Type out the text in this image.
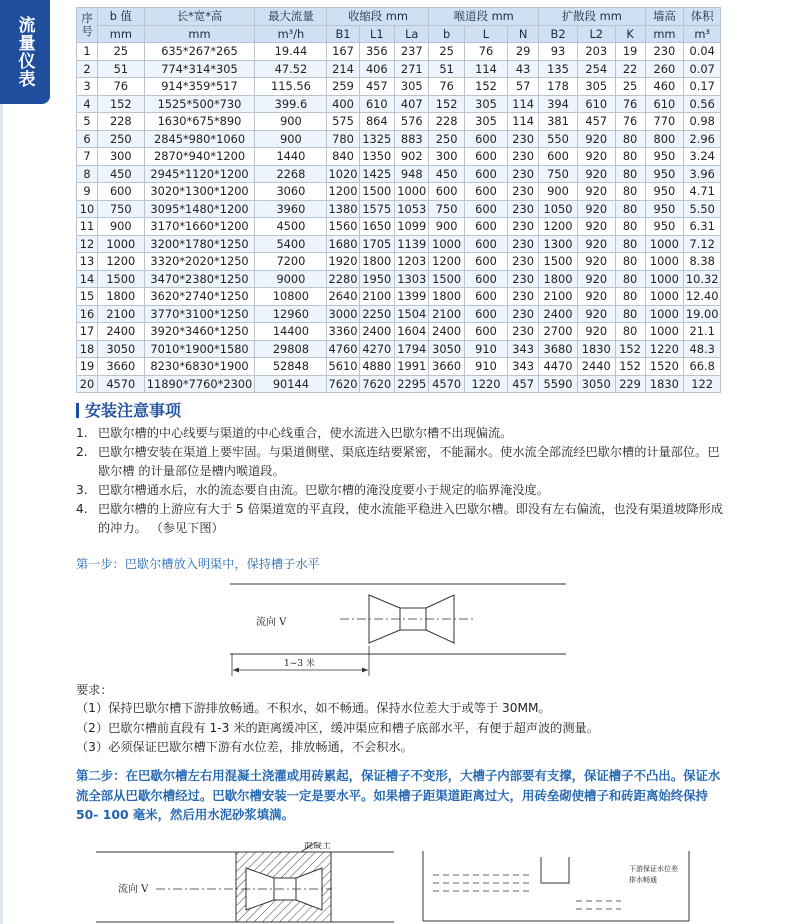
流量仪表	序号	b 值	长*宽*高	最大流量	收缩段 mm			喉道段 mm			扩散段 mm			墙高	体积
	mm	mm	m³/h	B1	L1	La	b	L	N	B2	L2	K	mm	m³
1	25	635*267*265	19.44	167	356	237	25	76	29	93	203	19	230	0.04
2	51	774*314*305	47.52	214	406	271	51	114	43	135	254	22	260	0.07
3	76	914*359*517	115.56	259	457	305	76	152	57	178	305	25	460	0.17
4	152	1525*500*730	399.6	400	610	407	152	305	114	394	610	76	610	0.56
5	228	1630*675*890	900	575	864	576	228	305	114	381	457	76	770	0.98
6	250	2845*980*1060	900	780	1325	883	250	600	230	550	920	80	800	2.96
7	300	2870*940*1200	1440	840	1350	902	300	600	230	600	920	80	950	3.24
8	450	2945*1120*1200	2268	1020	1425	948	450	600	230	750	920	80	950	3.96
9	600	3020*1300*1200	3060	1200	1500	1000	600	600	230	900	920	80	950	4.71
10	750	3095*1480*1200	3960	1380	1575	1053	750	600	230	1050	920	80	950	5.50
11	900	3170*1660*1200	4500	1560	1650	1099	900	600	230	1200	920	80	950	6.31
12	1000	3200*1780*1250	5400	1680	1705	1139	1000	600	230	1300	920	80	1000	7.12
13	1200	3320*2020*1250	7200	1920	1800	1203	1200	600	230	1500	920	80	1000	8.38
14	1500	3470*2380*1250	9000	2280	1950	1303	1500	600	230	1800	920	80	1000	10.32
15	1800	3620*2740*1250	10800	2640	2100	1399	1800	600	230	2100	920	80	1000	12.40
16	2100	3770*3100*1250	12960	3000	2250	1504	2100	600	230	2400	920	80	1000	19.00
17	2400	3920*3460*1250	14400	3360	2400	1604	2400	600	230	2700	920	80	1000	21.1
18	3050	7010*1900*1580	29808	4760	4270	1794	3050	910	343	3680	1830	152	1220	48.3
19	3660	8230*6830*1900	52848	5610	4880	1991	3660	910	343	4470	2440	152	1520	66.8
20	4570	11890*7760*2300	90144	7620	7620	2295	4570	1220	457	5590	3050	229	1830	122
安装注意事项
1. 巴歇尔槽的中心线要与渠道的中心线重合，使水流进入巴歇尔槽不出现偏流。
2. 巴歇尔槽安装在渠道上要牢固。与渠道侧壁、渠底连结要紧密，不能漏水。使水流全部流经巴歇尔槽的计量部位。巴歇尔槽 的计量部位是槽内喉道段。
3. 巴歇尔槽通水后，水的流态要自由流。巴歇尔槽的淹没度要小于规定的临界淹没度。
4. 巴歇尔槽的上游应有大于 5 倍渠道宽的平直段，使水流能平稳进入巴歇尔槽。即没有左右偏流，也没有渠道坡降形成的冲力。 （参见下图）
第一步：巴歇尔槽放入明渠中，保持槽子水平
流向 V
1~3 米
要求：
（1）保持巴歇尔槽下游排放畅通。不积水，如不畅通。保持水位差大于或等于 30MM。
（2）巴歇尔槽前直段有 1-3 米的距离缓冲区，缓冲渠应和槽子底部水平，有便于超声波的测量。
（3）必须保证巴歇尔槽下游有水位差，排放畅通，不会积水。
第二步：在巴歇尔槽左右用混凝土浇灌或用砖累起，保证槽子不变形，大槽子内部要有支撑，保证槽子不凸出。保证水流全部从巴歇尔槽经过。巴歇尔槽安装一定是要水平。如果槽子距渠道距离过大，用砖垒砌使槽子和砖距离始终保持 50- 100 毫米，然后用水泥砂浆填满。
混凝土
流向 V
下游保证水位差
排水畅通
